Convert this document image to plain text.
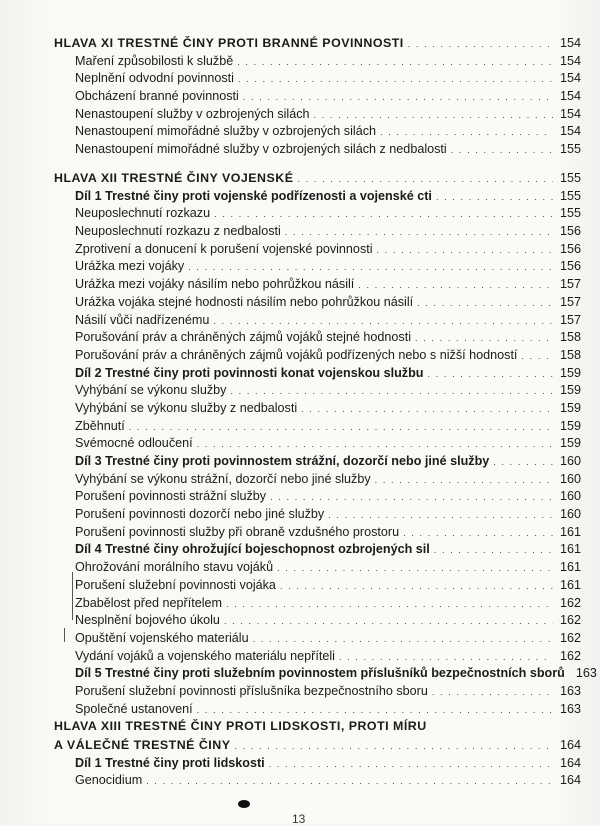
HLAVA XI TRESTNÉ ČINY PROTI BRANNÉ POVINNOSTI . . .	154
Maření způsobilosti k službě . . .	154
Neplnění odvodní povinnosti . . .	154
Obcházení branné povinnosti . . .	154
Nenastoupení služby v ozbrojených silách . . .	154
Nenastoupení mimořádné služby v ozbrojených silách . . .	154
Nenastoupení mimořádné služby v ozbrojených silách z nedbalosti . . .	155
HLAVA XII TRESTNÉ ČINY VOJENSKÉ . . .	155
Díl 1 Trestné činy proti vojenské podřízenosti a vojenské cti . . .	155
Neuposlechnutí rozkazu . . .	155
Neuposlechnutí rozkazu z nedbalosti . . .	156
Zprotivení a donucení k porušení vojenské povinnosti . . .	156
Urážka mezi vojáky . . .	156
Urážka mezi vojáky násilím nebo pohrůžkou násilí . . .	157
Urážka vojáka stejné hodnosti násilím nebo pohrůžkou násilí . . .	157
Násilí vůči nadřízenému . . .	157
Porušování práv a chráněných zájmů vojáků stejné hodnosti . . .	158
Porušování práv a chráněných zájmů vojáků podřízených nebo s nižší hodností . . .	158
Díl 2 Trestné činy proti povinnosti konat vojenskou službu . . .	159
Vyhýbání se výkonu služby . . .	159
Vyhýbání se výkonu služby z nedbalosti . . .	159
Zběhnutí . . .	159
Svémocné odloučení . . .	159
Díl 3 Trestné činy proti povinnostem strážní, dozorčí nebo jiné služby . . .	160
Vyhýbání se výkonu strážní, dozorčí nebo jiné služby . . .	160
Porušení povinnosti strážní služby . . .	160
Porušení povinnosti dozorčí nebo jiné služby . . .	160
Porušení povinnosti služby při obraně vzdušného prostoru . . .	161
Díl 4 Trestné činy ohrožující bojeschopnost ozbrojených sil . . .	161
Ohrožování morálního stavu vojáků . . .	161
Porušení služební povinnosti vojáka . . .	161
Zbabělost před nepřítelem . . .	162
Nesplnění bojového úkolu . . .	162
Opuštění vojenského materiálu . . .	162
Vydání vojáků a vojenského materiálu nepříteli . . .	162
Díl 5 Trestné činy proti služebním povinnostem příslušníků bezpečnostních sborů 163
Porušení služební povinnosti příslušníka bezpečnostního sboru . . .	163
Společné ustanovení . . .	163
HLAVA XIII TRESTNÉ ČINY PROTI LIDSKOSTI, PROTI MÍRU
A VÁLEČNÉ TRESTNÉ ČINY . . .	164
Díl 1 Trestné činy proti lidskosti . . .	164
Genocidium . . .	164
13
